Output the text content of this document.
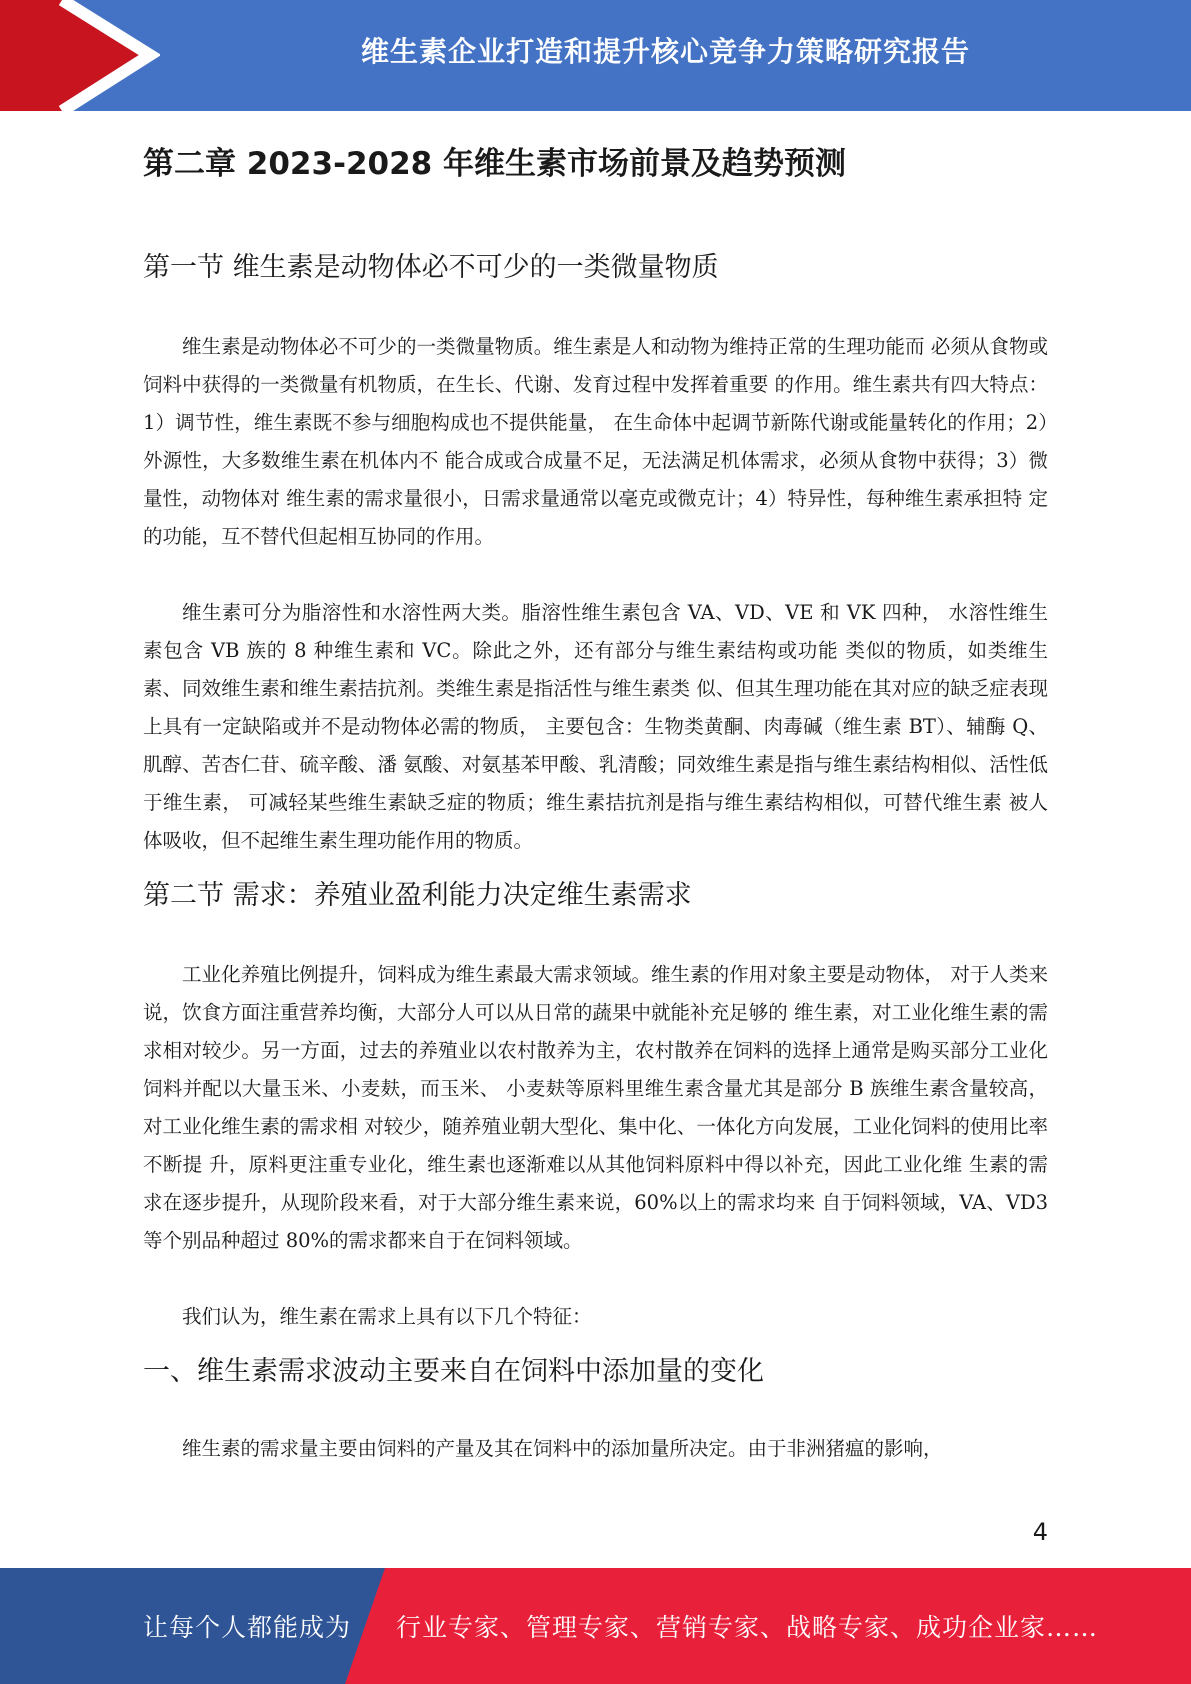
维生素企业打造和提升核心竞争力策略研究报告
第二章 2023-2028 年维生素市场前景及趋势预测
第一节 维生素是动物体必不可少的一类微量物质

维生素是动物体必不可少的一类微量物质。维生素是人和动物为维持正常的生理功能而 必须从食物或饲料中获得的一类微量有机物质，在生长、代谢、发育过程中发挥着重要 的作用。维生素共有四大特点：1）调节性，维生素既不参与细胞构成也不提供能量， 在生命体中起调节新陈代谢或能量转化的作用；2）外源性，大多数维生素在机体内不 能合成或合成量不足，无法满足机体需求，必须从食物中获得；3）微量性，动物体对 维生素的需求量很小，日需求量通常以毫克或微克计；4）特异性，每种维生素承担特 定的功能，互不替代但起相互协同的作用。

维生素可分为脂溶性和水溶性两大类。脂溶性维生素包含 VA、VD、VE 和 VK 四种， 水溶性维生素包含 VB 族的 8 种维生素和 VC。除此之外，还有部分与维生素结构或功能 类似的物质，如类维生素、同效维生素和维生素拮抗剂。类维生素是指活性与维生素类 似、但其生理功能在其对应的缺乏症表现上具有一定缺陷或并不是动物体必需的物质， 主要包含：生物类黄酮、肉毒碱（维生素 BT）、辅酶 Q、肌醇、苦杏仁苷、硫辛酸、潘 氨酸、对氨基苯甲酸、乳清酸；同效维生素是指与维生素结构相似、活性低于维生素， 可减轻某些维生素缺乏症的物质；维生素拮抗剂是指与维生素结构相似，可替代维生素 被人体吸收，但不起维生素生理功能作用的物质。

第二节 需求：养殖业盈利能力决定维生素需求

工业化养殖比例提升，饲料成为维生素最大需求领域。维生素的作用对象主要是动物体， 对于人类来说，饮食方面注重营养均衡，大部分人可以从日常的蔬果中就能补充足够的 维生素，对工业化维生素的需求相对较少。另一方面，过去的养殖业以农村散养为主，农村散养在饲料的选择上通常是购买部分工业化饲料并配以大量玉米、小麦麸，而玉米、 小麦麸等原料里维生素含量尤其是部分 B 族维生素含量较高，对工业化维生素的需求相 对较少，随养殖业朝大型化、集中化、一体化方向发展，工业化饲料的使用比率不断提 升，原料更注重专业化，维生素也逐渐难以从其他饲料原料中得以补充，因此工业化维 生素的需求在逐步提升，从现阶段来看，对于大部分维生素来说，60%以上的需求均来 自于饲料领域，VA、VD3 等个别品种超过 80%的需求都来自于在饲料领域。

我们认为，维生素在需求上具有以下几个特征：

一、维生素需求波动主要来自在饲料中添加量的变化

维生素的需求量主要由饲料的产量及其在饲料中的添加量所决定。由于非洲猪瘟的影响，

4
让每个人都能成为 行业专家、管理专家、营销专家、战略专家、成功企业家……
